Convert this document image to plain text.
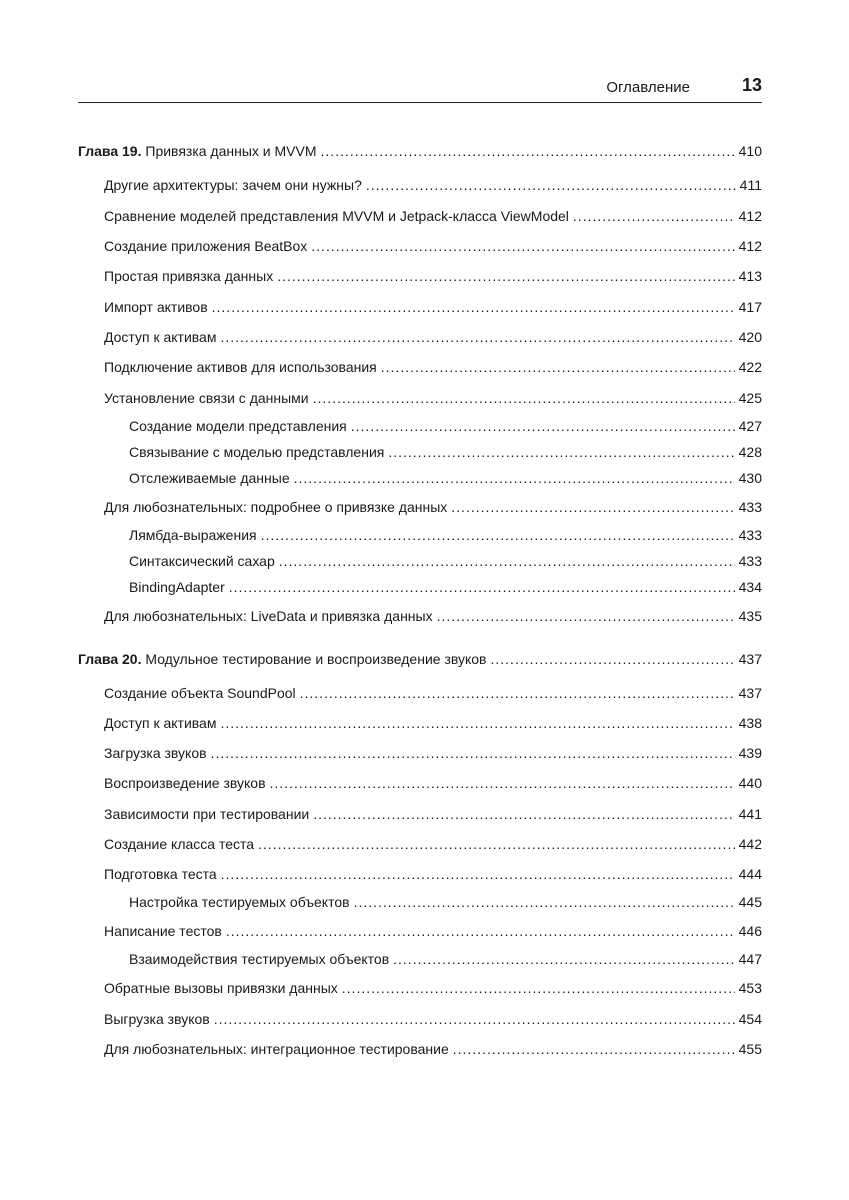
Оглавление	13
Глава 19. Привязка данных и MVVM .....	410
Другие архитектуры: зачем они нужны? .....	411
Сравнение моделей представления MVVM и Jetpack-класса ViewModel .....	412
Создание приложения BeatBox .....	412
Простая привязка данных .....	413
Импорт активов .....	417
Доступ к активам .....	420
Подключение активов для использования .....	422
Установление связи с данными .....	425
Создание модели представления .....	427
Связывание с моделью представления .....	428
Отслеживаемые данные .....	430
Для любознательных: подробнее о привязке данных .....	433
Лямбда-выражения .....	433
Синтаксический сахар .....	433
BindingAdapter .....	434
Для любознательных: LiveData и привязка данных .....	435
Глава 20. Модульное тестирование и воспроизведение звуков .....	437
Создание объекта SoundPool .....	437
Доступ к активам .....	438
Загрузка звуков .....	439
Воспроизведение звуков .....	440
Зависимости при тестировании .....	441
Создание класса теста .....	442
Подготовка теста .....	444
Настройка тестируемых объектов .....	445
Написание тестов .....	446
Взаимодействия тестируемых объектов .....	447
Обратные вызовы привязки данных .....	453
Выгрузка звуков .....	454
Для любознательных: интеграционное тестирование .....	455
